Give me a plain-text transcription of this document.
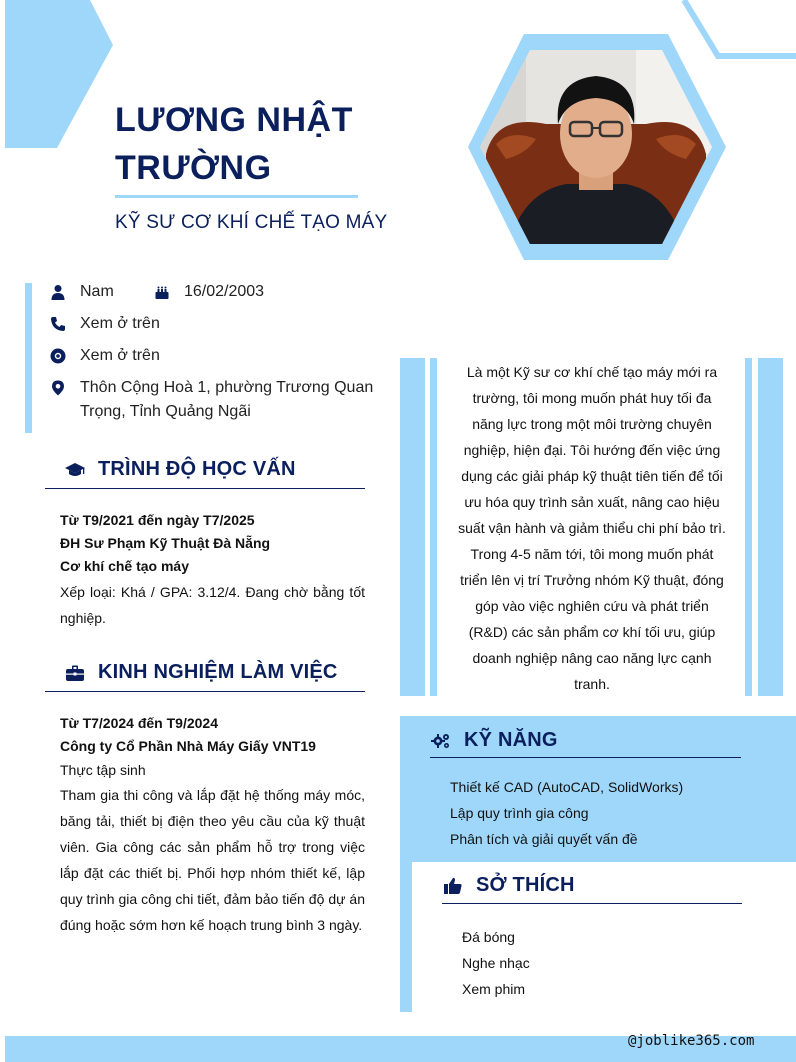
LƯƠNG NHẬT
TRƯỜNG
KỸ SƯ CƠ KHÍ CHẾ TẠO MÁY
Nam	16/02/2003
Xem ở trên
Xem ở trên
Thôn Cộng Hoà 1, phường Trương Quan
Trọng, Tỉnh Quảng Ngãi
TRÌNH ĐỘ HỌC VẤN
Từ T9/2021 đến ngày T7/2025
ĐH Sư Phạm Kỹ Thuật Đà Nẵng
Cơ khí chế tạo máy
Xếp loại: Khá / GPA: 3.12/4. Đang chờ bằng tốt nghiệp.
KINH NGHIỆM LÀM VIỆC
Từ T7/2024 đến T9/2024
Công ty Cổ Phần Nhà Máy Giấy VNT19
Thực tập sinh
Tham gia thi công và lắp đặt hệ thống máy móc, băng tải, thiết bị điện theo yêu cầu của kỹ thuật viên. Gia công các sản phẩm hỗ trợ trong việc lắp đặt các thiết bị. Phối hợp nhóm thiết kế, lập quy trình gia công chi tiết, đảm bảo tiến độ dự án đúng hoặc sớm hơn kế hoạch trung bình 3 ngày.
Là một Kỹ sư cơ khí chế tạo máy mới ra trường, tôi mong muốn phát huy tối đa năng lực trong một môi trường chuyên nghiệp, hiện đại. Tôi hướng đến việc ứng dụng các giải pháp kỹ thuật tiên tiến để tối ưu hóa quy trình sản xuất, nâng cao hiệu suất vận hành và giảm thiểu chi phí bảo trì. Trong 4-5 năm tới, tôi mong muốn phát triển lên vị trí Trưởng nhóm Kỹ thuật, đóng góp vào việc nghiên cứu và phát triển (R&D) các sản phẩm cơ khí tối ưu, giúp doanh nghiệp nâng cao năng lực cạnh tranh.
KỸ NĂNG
Thiết kế CAD (AutoCAD, SolidWorks)
Lập quy trình gia công
Phân tích và giải quyết vấn đề
SỞ THÍCH
Đá bóng
Nghe nhạc
Xem phim
@joblike365.com
